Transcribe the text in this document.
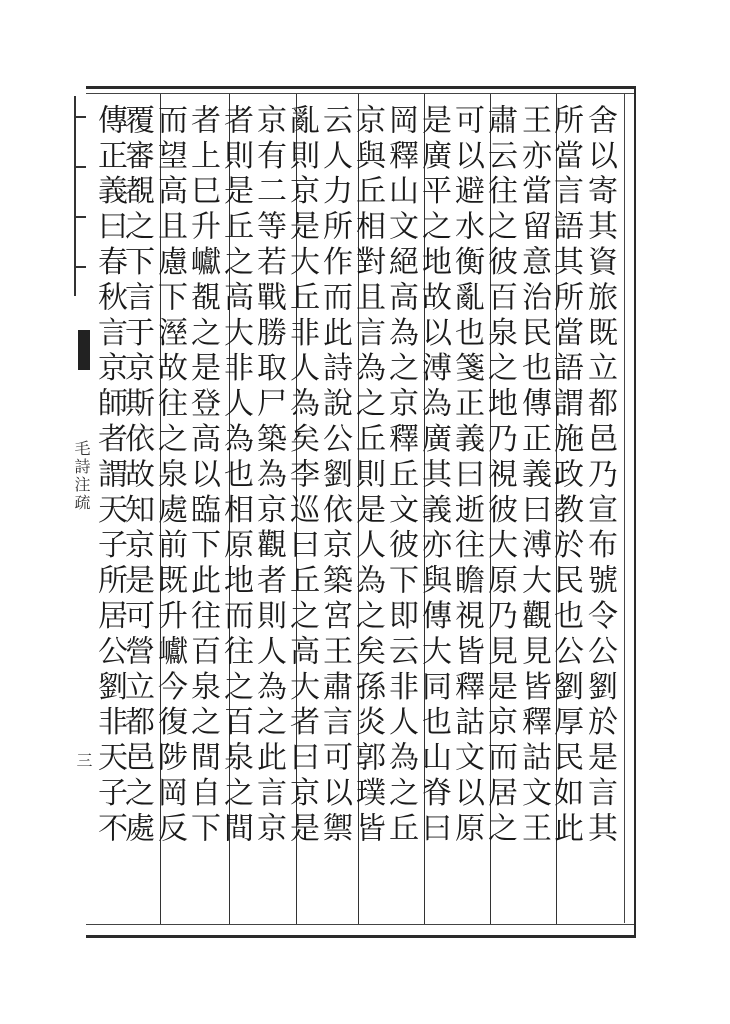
毛詩注疏
三	舍以寄其資旅既立都邑乃宣布號令公劉於是言其
所當言語其所當語謂施政教於民也公劉厚民如此
王亦當留意治民也傳正義曰溥大觀見皆釋詁文王
肅云往之彼百泉之地乃視彼大原乃見是京而居之
可以避水衡亂也箋正義曰逝往瞻視皆釋詁文以原
是廣平之地故以溥為廣其義亦與傳大同也山脊曰
岡釋山文絕高為之京釋丘文彼下即云非人為之丘
京與丘相對且言為之丘則是人為之矣孫炎郭璞皆
云人力所作而此詩說公劉依京築宮王肅言可以禦
亂則京是大丘非人為矣李巡曰丘之高大者曰京是
京有二等若戰勝取尸築為京觀者則人為之此言京
者則是丘之高大非人為也相原地而往之百泉之間
者上巳升巘覩之是登高以臨下此往百泉之間自下
而望高且慮下溼故往之泉處前既升巘今復陟岡反
覆審覩之下言于京斯依故知京是可營立都邑之處
傳正義曰春秋言京師者謂天子所居公劉非天子不
